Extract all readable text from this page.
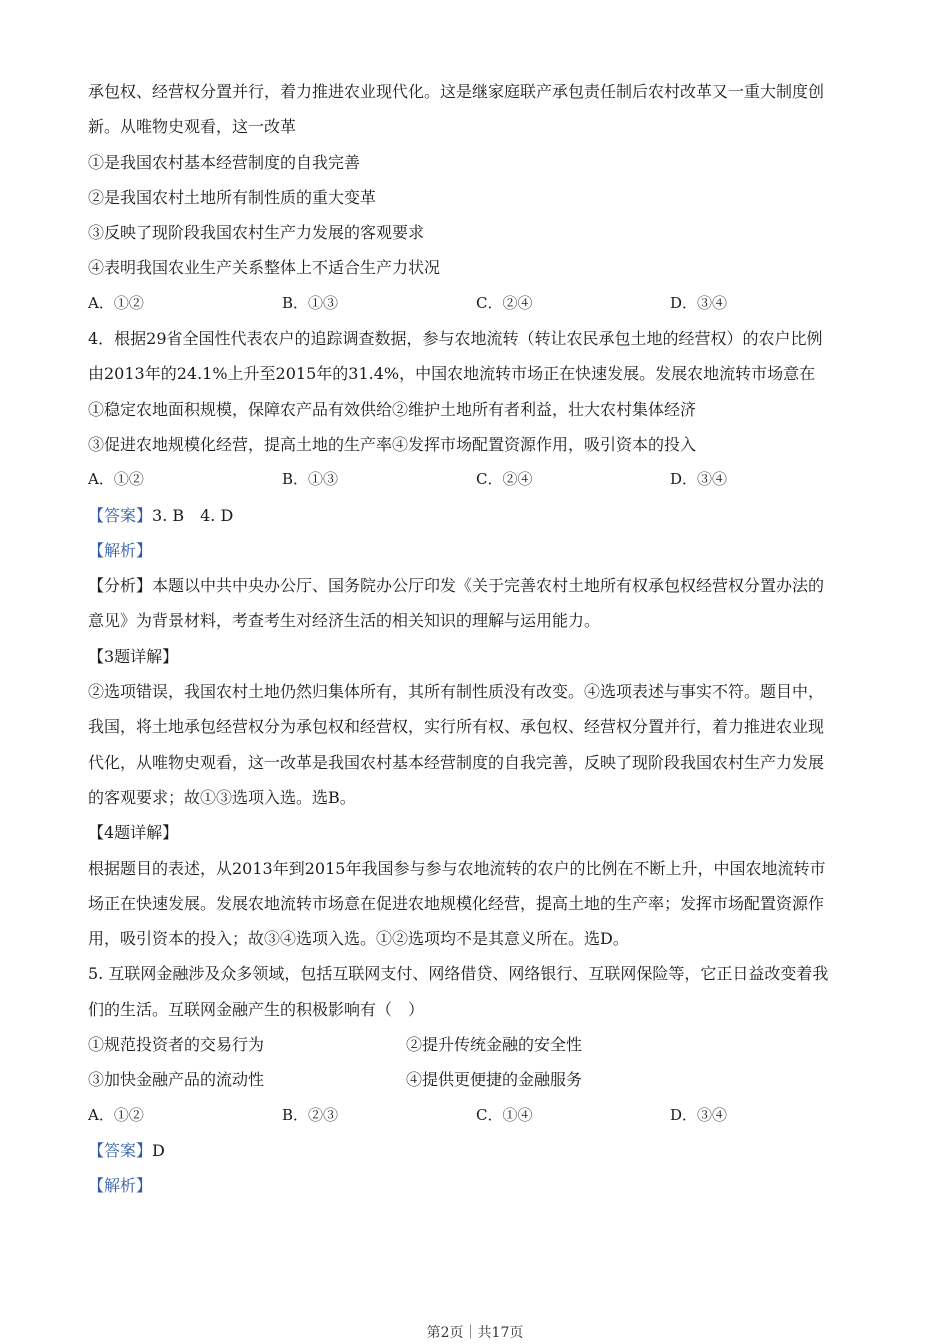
承包权、经营权分置并行，着力推进农业现代化。这是继家庭联产承包责任制后农村改革又一重大制度创
新。从唯物史观看，这一改革
①是我国农村基本经营制度的自我完善
②是我国农村土地所有制性质的重大变革
③反映了现阶段我国农村生产力发展的客观要求
④表明我国农业生产关系整体上不适合生产力状况
A．①②	B．①③	C．②④	D．③④
4．根据29省全国性代表农户的追踪调查数据，参与农地流转（转让农民承包土地的经营权）的农户比例
由2013年的24.1%上升至2015年的31.4%，中国农地流转市场正在快速发展。发展农地流转市场意在
①稳定农地面积规模，保障农产品有效供给②维护土地所有者利益，壮大农村集体经济
③促进农地规模化经营，提高土地的生产率④发挥市场配置资源作用，吸引资本的投入
A．①②	B．①③	C．②④	D．③④
【答案】3. B　4. D
【解析】
【分析】本题以中共中央办公厅、国务院办公厅印发《关于完善农村土地所有权承包权经营权分置办法的
意见》为背景材料，考查考生对经济生活的相关知识的理解与运用能力。
【3题详解】
②选项错误，我国农村土地仍然归集体所有，其所有制性质没有改变。④选项表述与事实不符。题目中，
我国，将土地承包经营权分为承包权和经营权，实行所有权、承包权、经营权分置并行，着力推进农业现
代化，从唯物史观看，这一改革是我国农村基本经营制度的自我完善，反映了现阶段我国农村生产力发展
的客观要求；故①③选项入选。选B。
【4题详解】
根据题目的表述，从2013年到2015年我国参与参与农地流转的农户的比例在不断上升，中国农地流转市
场正在快速发展。发展农地流转市场意在促进农地规模化经营，提高土地的生产率；发挥市场配置资源作
用，吸引资本的投入；故③④选项入选。①②选项均不是其意义所在。选D。
5. 互联网金融涉及众多领域，包括互联网支付、网络借贷、网络银行、互联网保险等，它正日益改变着我
们的生活。互联网金融产生的积极影响有（　）
①规范投资者的交易行为	②提升传统金融的安全性
③加快金融产品的流动性	④提供更便捷的金融服务
A．①②	B．②③	C．①④	D．③④
【答案】D
【解析】
第2页｜共17页
